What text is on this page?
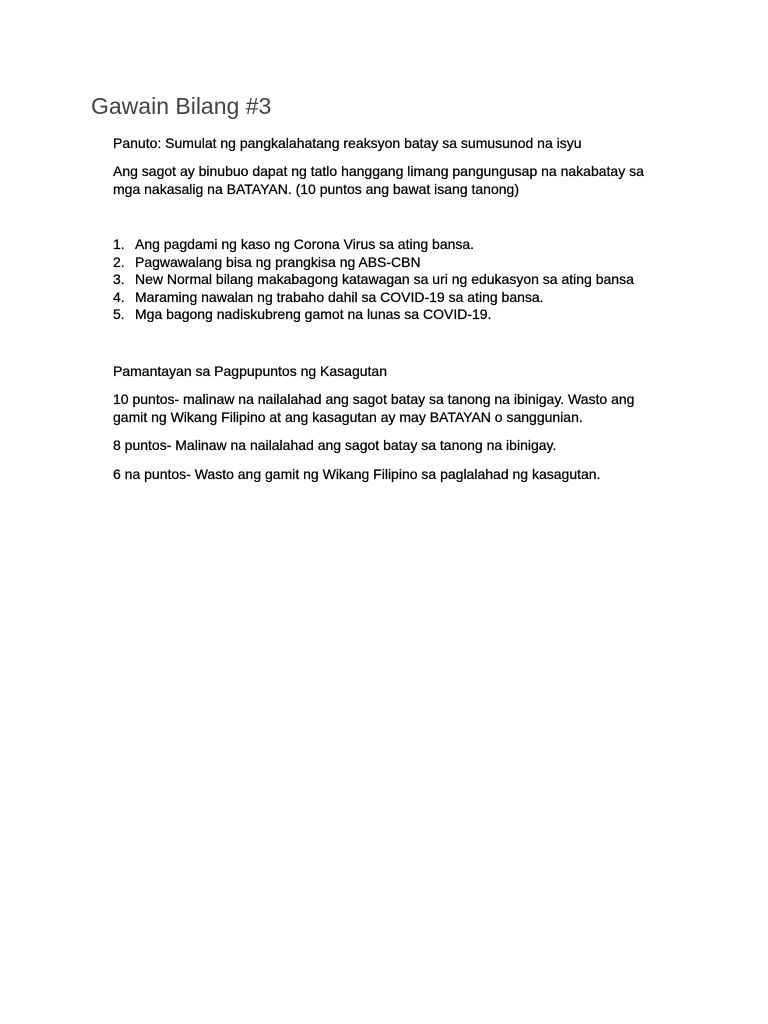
Gawain Bilang #3

Panuto: Sumulat ng pangkalahatang reaksyon batay sa sumusunod na isyu

Ang sagot ay binubuo dapat ng tatlo hanggang limang pangungusap na nakabatay sa
mga nakasalig na BATAYAN. (10 puntos ang bawat isang tanong)

1. Ang pagdami ng kaso ng Corona Virus sa ating bansa.
2. Pagwawalang bisa ng prangkisa ng ABS-CBN
3. New Normal bilang makabagong katawagan sa uri ng edukasyon sa ating bansa
4. Maraming nawalan ng trabaho dahil sa COVID-19 sa ating bansa.
5. Mga bagong nadiskubreng gamot na lunas sa COVID-19.

Pamantayan sa Pagpupuntos ng Kasagutan

10 puntos- malinaw na nailalahad ang sagot batay sa tanong na ibinigay. Wasto ang
gamit ng Wikang Filipino at ang kasagutan ay may BATAYAN o sanggunian.

8 puntos- Malinaw na nailalahad ang sagot batay sa tanong na ibinigay.

6 na puntos- Wasto ang gamit ng Wikang Filipino sa paglalahad ng kasagutan.
